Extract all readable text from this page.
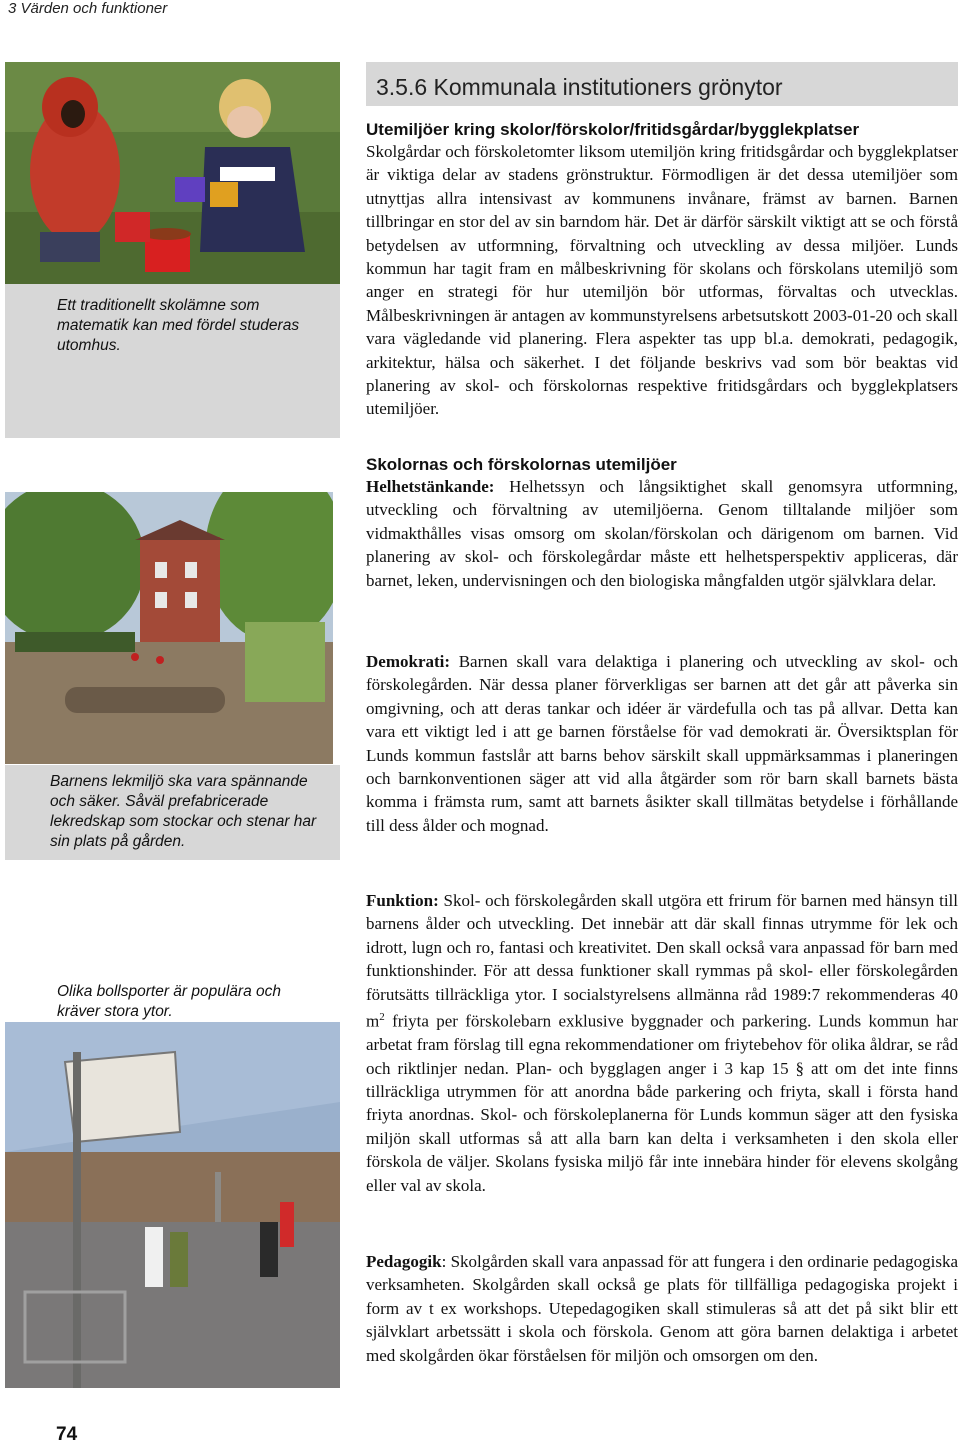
3 Värden och funktioner
Ett traditionellt skolämne som matematik kan med fördel studeras utomhus.
Barnens lekmiljö ska vara spännande och säker. Såväl prefabricerade lekredskap som stockar och stenar har sin plats på gården.
Olika bollsporter är populära och kräver stora ytor.
3.5.6 Kommunala institutioners grönytor

Utemiljöer kring skolor/förskolor/fritidsgårdar/bygglekplatser

Skolgårdar och förskoletomter liksom utemiljön kring fritidsgårdar och bygglekplatser är viktiga delar av stadens grönstruktur. Förmodligen är det dessa utemiljöer som utnyttjas allra intensivast av kommunens invånare, främst av barnen. Barnen tillbringar en stor del av sin barndom här. Det är därför särskilt viktigt att se och förstå betydelsen av utformning, förvaltning och utveckling av dessa miljöer. Lunds kommun har tagit fram en målbeskrivning för skolans och förskolans utemiljö som anger en strategi för hur utemiljön bör utformas, förvaltas och utvecklas. Målbeskrivningen är antagen av kommunstyrelsens arbetsutskott 2003-01-20 och skall vara vägledande vid planering. Flera aspekter tas upp bl.a. demokrati, pedagogik, arkitektur, hälsa och säkerhet. I det följande beskrivs vad som bör beaktas vid planering av skol- och förskolornas respektive fritidsgårdars och bygglekplatsers utemiljöer.

Skolornas och förskolornas utemiljöer

Helhetstänkande: Helhetssyn och långsiktighet skall genomsyra utformning, utveckling och förvaltning av utemiljöerna. Genom tilltalande miljöer som vidmakthålles visas omsorg om skolan/förskolan och därigenom om barnen. Vid planering av skol- och förskolegårdar måste ett helhetsperspektiv appliceras, där barnet, leken, undervisningen och den biologiska mångfalden utgör självklara delar.

Demokrati: Barnen skall vara delaktiga i planering och utveckling av skol- och förskolegården. När dessa planer förverkligas ser barnen att det går att påverka sin omgivning, och att deras tankar och idéer är värdefulla och tas på allvar. Detta kan vara ett viktigt led i att ge barnen förståelse för vad demokrati är. Översiktsplan för Lunds kommun fastslår att barns behov särskilt skall uppmärksammas i planeringen och barnkonventionen säger att vid alla åtgärder som rör barn skall barnets bästa komma i främsta rum, samt att barnets åsikter skall tillmätas betydelse i förhållande till dess ålder och mognad.

Funktion: Skol- och förskolegården skall utgöra ett frirum för barnen med hänsyn till barnens ålder och utveckling. Det innebär att där skall finnas utrymme för lek och idrott, lugn och ro, fantasi och kreativitet. Den skall också vara anpassad för barn med funktionshinder. För att dessa funktioner skall rymmas på skol- eller förskolegården förutsätts tillräckliga ytor. I socialstyrelsens allmänna råd 1989:7 rekommenderas 40 $m^2$ friyta per förskolebarn exklusive byggnader och parkering. Lunds kommun har arbetat fram förslag till egna rekommendationer om friytebehov för olika åldrar, se råd och riktlinjer nedan. Plan- och bygglagen anger i 3 kap 15 § att om det inte finns tillräckliga utrymmen för att anordna både parkering och friyta, skall i första hand friyta anordnas. Skol- och förskoleplanerna för Lunds kommun säger att den fysiska miljön skall utformas så att alla barn kan delta i verksamheten i den skola eller förskola de väljer. Skolans fysiska miljö får inte innebära hinder för elevens skolgång eller val av skola.

Pedagogik: Skolgården skall vara anpassad för att fungera i den ordinarie pedagogiska verksamheten. Skolgården skall också ge plats för tillfälliga pedagogiska projekt i form av t ex workshops. Utepedagogiken skall stimuleras så att det på sikt blir ett självklart arbetssätt i skola och förskola. Genom att göra barnen delaktiga i arbetet med skolgården ökar förståelsen för miljön och omsorgen om den.

74
